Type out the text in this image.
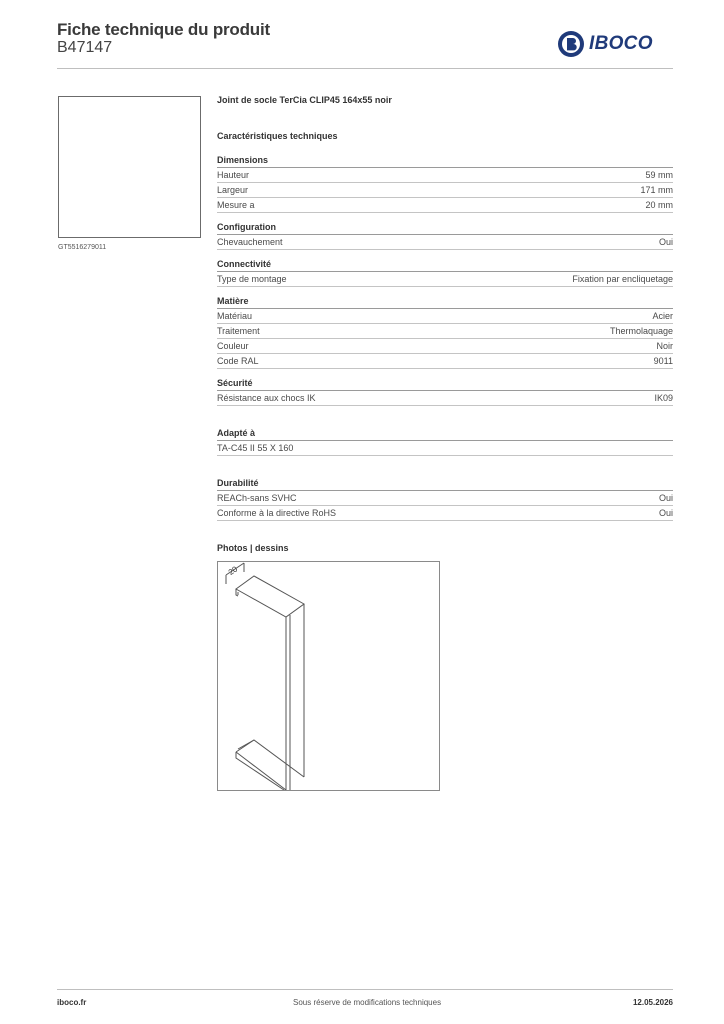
Fiche technique du produit
B47147	IBOCO
GT5516279011
Joint de socle TerCia CLIP45 164x55 noir
Caractéristiques techniques
Dimensions
Hauteur	59 mm
Largeur	171 mm
Mesure a	20 mm
Configuration
Chevauchement	Oui
Connectivité
Type de montage	Fixation par encliquetage
Matière
Matériau	Acier
Traitement	Thermolaquage
Couleur	Noir
Code RAL	9011
Sécurité
Résistance aux chocs IK	IK09
Adapté à
TA-C45 II 55 X 160
Durabilité
REACh-sans SVHC	Oui
Conforme à la directive RoHS	Oui
Photos | dessins
20
iboco.fr	Sous réserve de modifications techniques	12.05.2026
